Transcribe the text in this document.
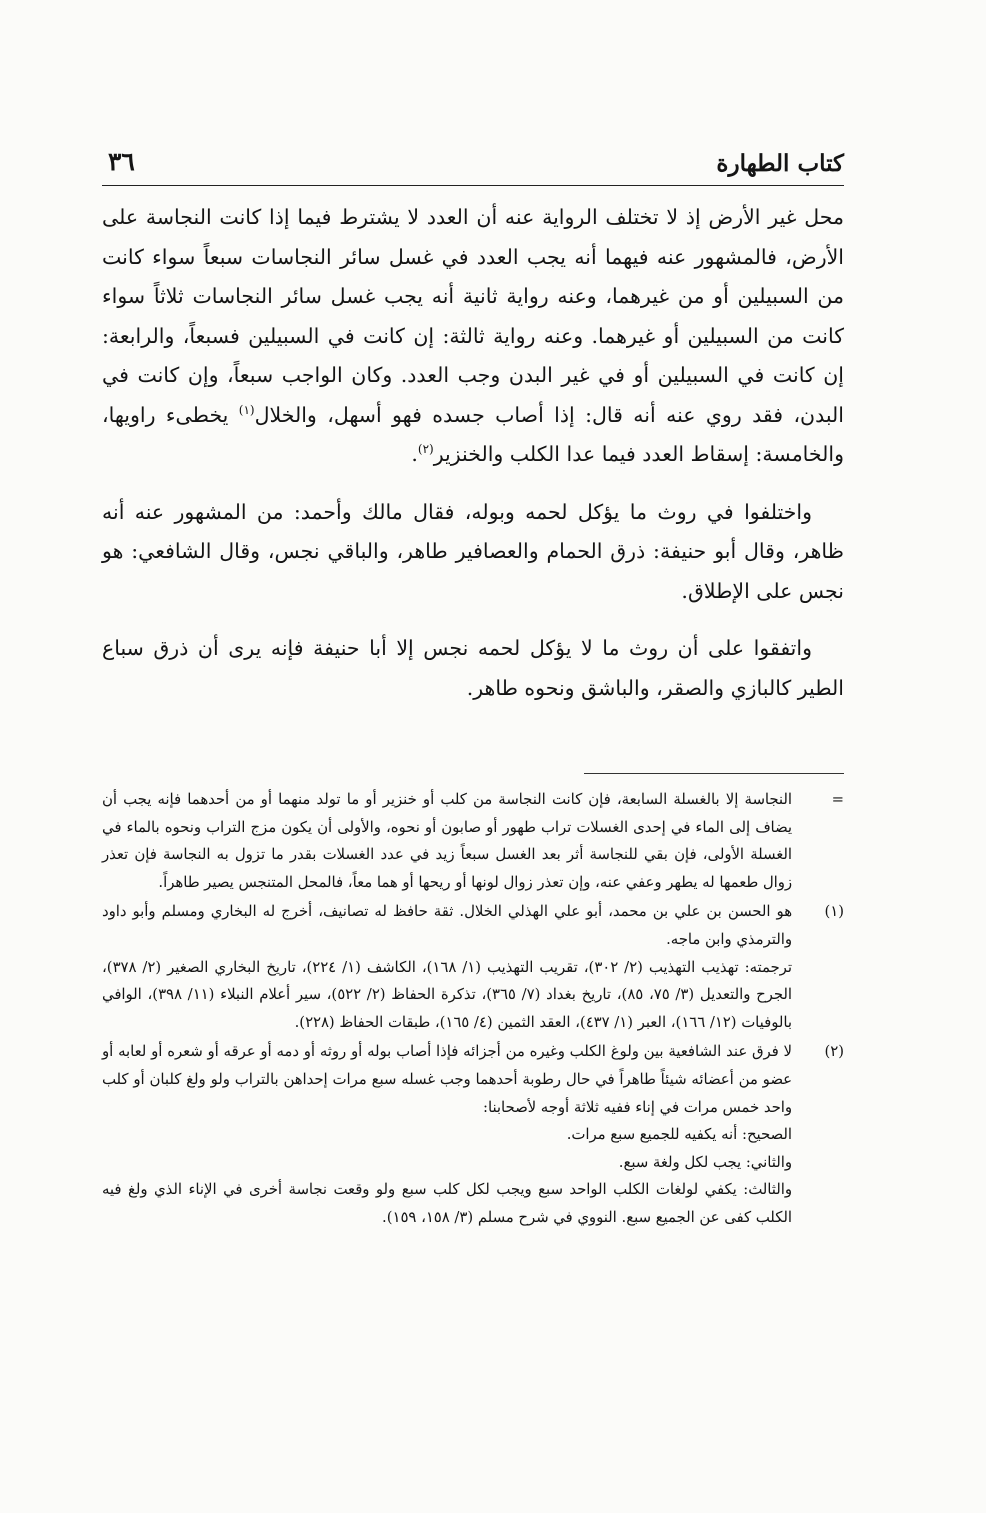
كتاب الطهارة
٣٦

محل غير الأرض إذ لا تختلف الرواية عنه أن العدد لا يشترط فيما إذا كانت النجاسة على الأرض، فالمشهور عنه فيهما أنه يجب العدد في غسل سائر النجاسات سبعاً سواء كانت من السبيلين أو من غيرهما، وعنه رواية ثانية أنه يجب غسل سائر النجاسات ثلاثاً سواء كانت من السبيلين أو غيرهما. وعنه رواية ثالثة: إن كانت في السبيلين فسبعاً، والرابعة: إن كانت في السبيلين أو في غير البدن وجب العدد. وكان الواجب سبعاً، وإن كانت في البدن، فقد روي عنه أنه قال: إذا أصاب جسده فهو أسهل، والخلال$^{(١)}$ يخطىء راويها، والخامسة: إسقاط العدد فيما عدا الكلب والخنزير$^{(٢)}$.

واختلفوا في روث ما يؤكل لحمه وبوله، فقال مالك وأحمد: من المشهور عنه أنه ظاهر، وقال أبو حنيفة: ذرق الحمام والعصافير طاهر، والباقي نجس، وقال الشافعي: هو نجس على الإطلاق.

واتفقوا على أن روث ما لا يؤكل لحمه نجس إلا أبا حنيفة فإنه يرى أن ذرق سباع الطير كالبازي والصقر، والباشق ونحوه طاهر.

=

النجاسة إلا بالغسلة السابعة، فإن كانت النجاسة من كلب أو خنزير أو ما تولد منهما أو من أحدهما فإنه يجب أن يضاف إلى الماء في إحدى الغسلات تراب طهور أو صابون أو نحوه، والأولى أن يكون مزج التراب ونحوه بالماء في الغسلة الأولى، فإن بقي للنجاسة أثر بعد الغسل سبعاً زيد في عدد الغسلات بقدر ما تزول به النجاسة فإن تعذر زوال طعمها له يطهر وعفي عنه، وإن تعذر زوال لونها أو ريحها أو هما معاً، فالمحل المتنجس يصير طاهراً.

(١)

هو الحسن بن علي بن محمد، أبو علي الهذلي الخلال. ثقة حافظ له تصانيف، أخرج له البخاري ومسلم وأبو داود والترمذي وابن ماجه.

ترجمته: تهذيب التهذيب (٢/ ٣٠٢)، تقريب التهذيب (١/ ١٦٨)، الكاشف (١/ ٢٢٤)، تاريخ البخاري الصغير (٢/ ٣٧٨)، الجرح والتعديل (٣/ ٧٥، ٨٥)، تاريخ بغداد (٧/ ٣٦٥)، تذكرة الحفاظ (٢/ ٥٢٢)، سير أعلام النبلاء (١١/ ٣٩٨)، الوافي بالوفيات (١٢/ ١٦٦)، العبر (١/ ٤٣٧)، العقد الثمين (٤/ ١٦٥)، طبقات الحفاظ (٢٢٨).

(٢)

لا فرق عند الشافعية بين ولوغ الكلب وغيره من أجزائه فإذا أصاب بوله أو روثه أو دمه أو عرقه أو شعره أو لعابه أو عضو من أعضائه شيئاً طاهراً في حال رطوبة أحدهما وجب غسله سبع مرات إحداهن بالتراب ولو ولغ كلبان أو كلب واحد خمس مرات في إناء ففيه ثلاثة أوجه لأصحابنا:

الصحيح: أنه يكفيه للجميع سبع مرات.

والثاني: يجب لكل ولغة سبع.

والثالث: يكفي لولغات الكلب الواحد سبع ويجب لكل كلب سبع ولو وقعت نجاسة أخرى في الإناء الذي ولغ فيه الكلب كفى عن الجميع سبع. النووي في شرح مسلم (٣/ ١٥٨، ١٥٩).
